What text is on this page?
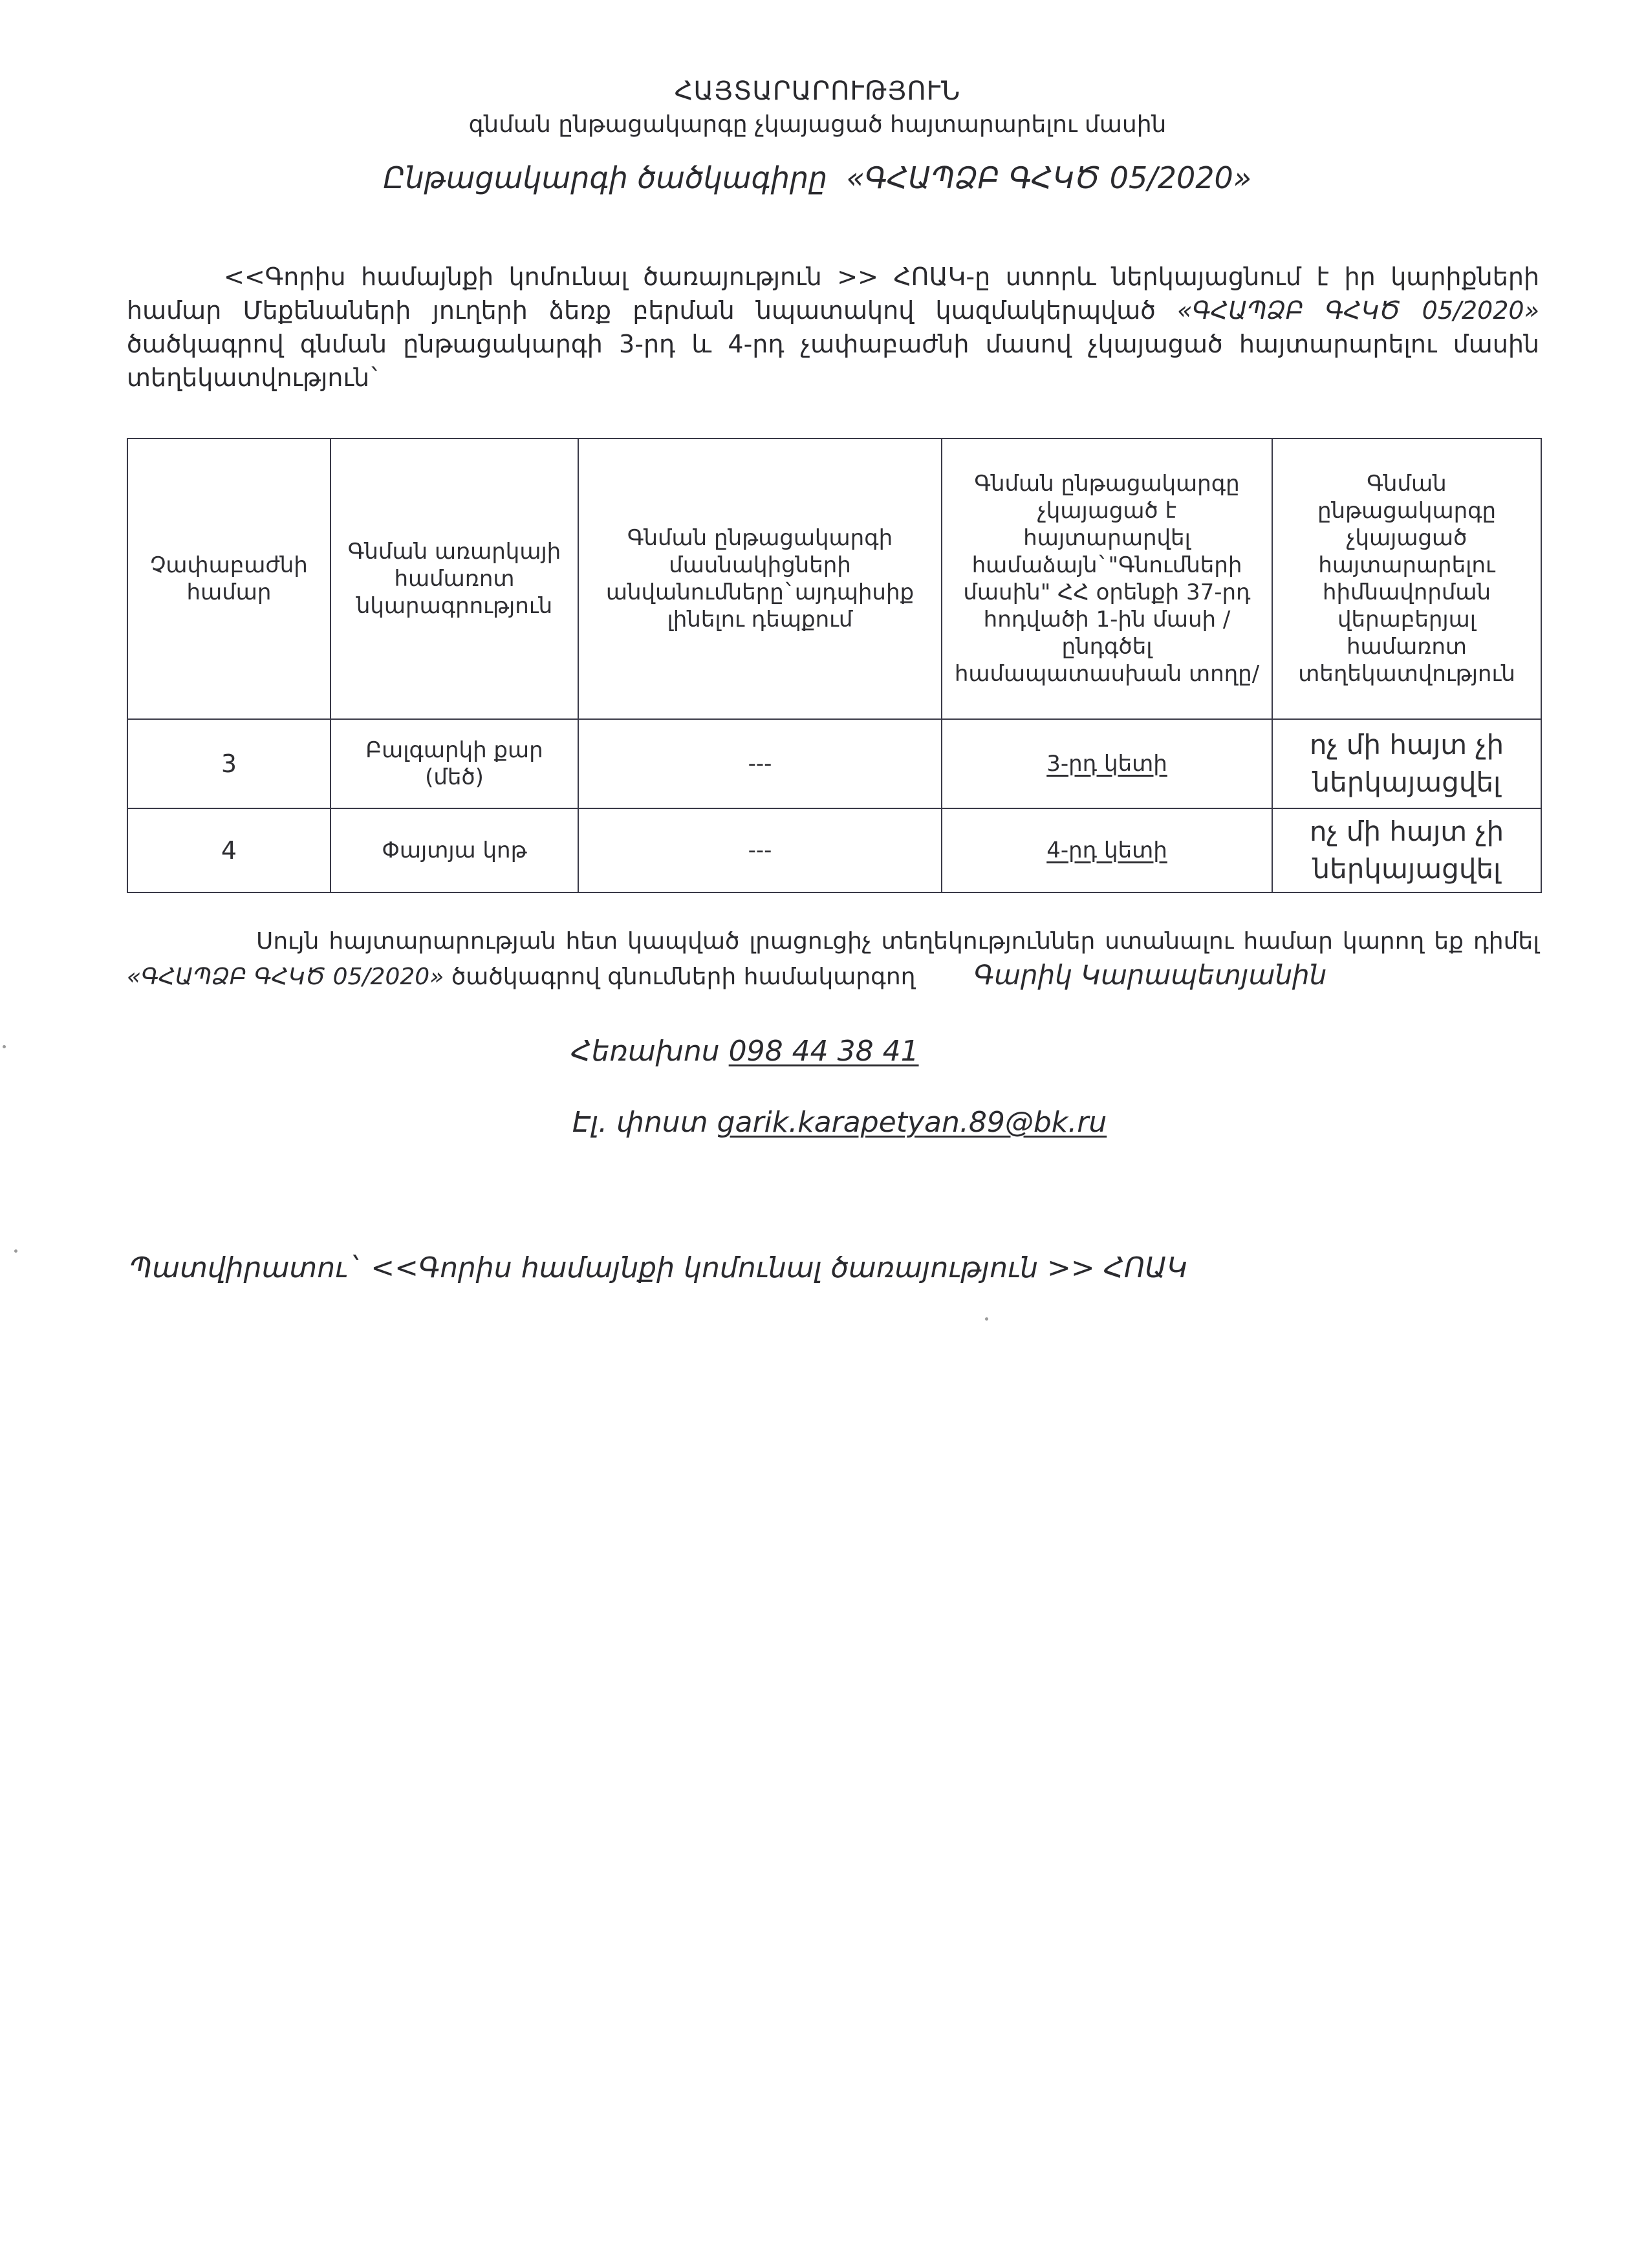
ՀԱՅՏԱՐԱՐՈՒԹՅՈՒՆ
գնման ընթացակարգը չկայացած հայտարարելու մասին
Ընթացակարգի ծածկագիրը «ԳՀԱՊՁԲ ԳՀԿԾ 05/2020»
<<Գորիս համայնքի կոմունալ ծառայություն >> ՀՈԱԿ-ը ստորև ներկայացնում է իր կարիքների համար Մեքենաների յուղերի ձեռք բերման նպատակով կազմակերպված «ԳՀԱՊՁԲ ԳՀԿԾ 05/2020» ծածկագրով գնման ընթացակարգի 3-րդ և 4-րդ չափաբաժնի մասով չկայացած հայտարարելու մասին տեղեկատվություն`
Չափաբաժնի համար	Գնման առարկայի համառոտ նկարագրություն	Գնման ընթացակարգի մասնակիցների անվանումները`այդպիսիք լինելու դեպքում	Գնման ընթացակարգը չկայացած է հայտարարվել համաձայն`"Գնումների մասին" ՀՀ օրենքի 37-րդ հոդվածի 1-ին մասի /ընդգծել համապատասխան տողը/	Գնման ընթացակարգը չկայացած հայտարարելու հիմնավորման վերաբերյալ համառոտ տեղեկատվություն
3	Բալգարկի քար (մեծ)	---	3-րդ կետի	ոչ մի հայտ չի ներկայացվել
4	Փայտյա կոթ	---	4-րդ կետի	ոչ մի հայտ չի ներկայացվել
Սույն հայտարարության հետ կապված լրացուցիչ տեղեկություններ ստանալու համար կարող եք դիմել «ԳՀԱՊՁԲ ԳՀԿԾ 05/2020» ծածկագրով գնումների համակարգող Գարիկ Կարապետյանին
Հեռախոս 098 44 38 41
Էլ. փոստ garik.karapetyan.89@bk.ru
Պատվիրատու` <<Գորիս համայնքի կոմունալ ծառայություն >> ՀՈԱԿ
